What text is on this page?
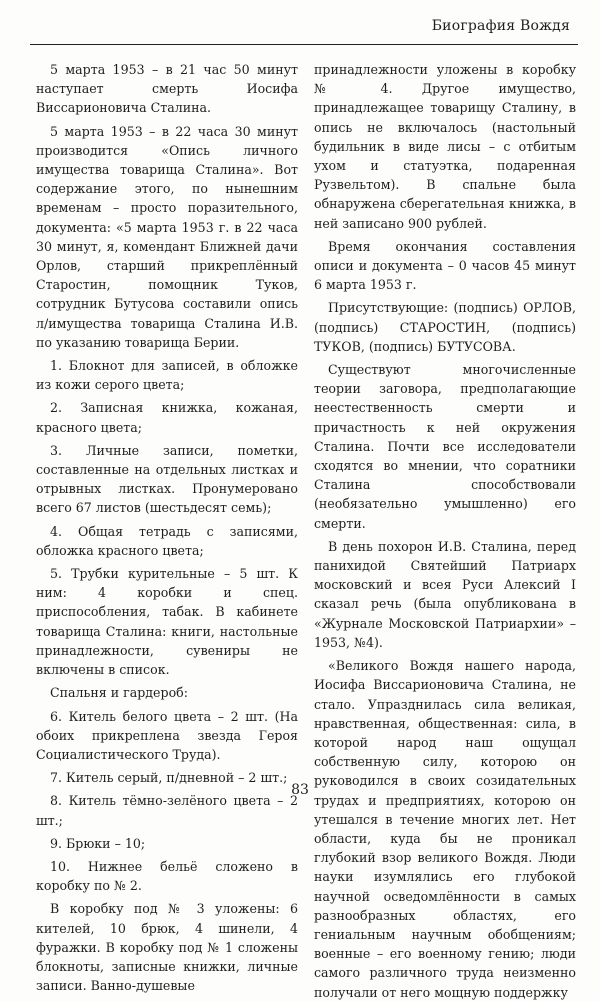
Биография Вождя

5 марта 1953 – в 21 час 50 минут наступает смерть Иосифа Виссарионовича Сталина.

5 марта 1953 – в 22 часа 30 минут производится «Опись личного имущества товарища Сталина». Вот содержание этого, по нынешним временам – просто поразительного, документа: «5 марта 1953 г. в 22 часа 30 минут, я, комендант Ближней дачи Орлов, старший прикреплённый Старостин, помощник Туков, сотрудник Бутусова составили опись л/имущества товарища Сталина И.В. по указанию товарища Берии.

1. Блокнот для записей, в обложке из кожи серого цвета;

2. Записная книжка, кожаная, красного цвета;

3. Личные записи, пометки, составленные на отдельных листках и отрывных листках. Пронумеровано всего 67 листов (шестьдесят семь);

4. Общая тетрадь с записями, обложка красного цвета;

5. Трубки курительные – 5 шт. К ним: 4 коробки и спец. приспособления, табак. В кабинете товарища Сталина: книги, настольные принадлежности, сувениры не включены в список.

Спальня и гардероб:

6. Китель белого цвета – 2 шт. (На обоих прикреплена звезда Героя Социалистического Труда).

7. Китель серый, п/дневной – 2 шт.;

8. Китель тёмно-зелёного цвета – 2 шт.;

9. Брюки – 10;

10. Нижнее бельё сложено в коробку по № 2.

В коробку под № 3 уложены: 6 кителей, 10 брюк, 4 шинели, 4 фуражки. В коробку под № 1 сложены блокноты, записные книжки, личные записи. Ванно-душевые

принадлежности уложены в коробку № 4. Другое имущество, принадлежащее товарищу Сталину, в опись не включалось (настольный будильник в виде лисы – с отбитым ухом и статуэтка, подаренная Рузвельтом). В спальне была обнаружена сберегательная книжка, в ней записано 900 рублей.

Время окончания составления описи и документа – 0 часов 45 минут 6 марта 1953 г.

Присутствующие: (подпись) ОРЛОВ, (подпись) СТАРОСТИН, (подпись) ТУКОВ, (подпись) БУТУСОВА.

Существуют многочисленные теории заговора, предполагающие неестественность смерти и причастность к ней окружения Сталина. Почти все исследователи сходятся во мнении, что соратники Сталина способствовали (необязательно умышленно) его смерти.

В день похорон И.В. Сталина, перед панихидой Святейший Патриарх московский и всея Руси Алексий I сказал речь (была опубликована в «Журнале Московской Патриархии» – 1953, №4).

«Великого Вождя нашего народа, Иосифа Виссарионовича Сталина, не стало. Упразднилась сила великая, нравственная, общественная: сила, в которой народ наш ощущал собственную силу, которою он руководился в своих созидательных трудах и предприятиях, которою он утешался в течение многих лет. Нет области, куда бы не проникал глубокий взор великого Вождя. Люди науки изумлялись его глубокой научной осведомлённости в самых разнообразных областях, его гениальным научным обобщениям; военные – его военному гению; люди самого различного труда неизменно получали от него мощную поддержку

83
